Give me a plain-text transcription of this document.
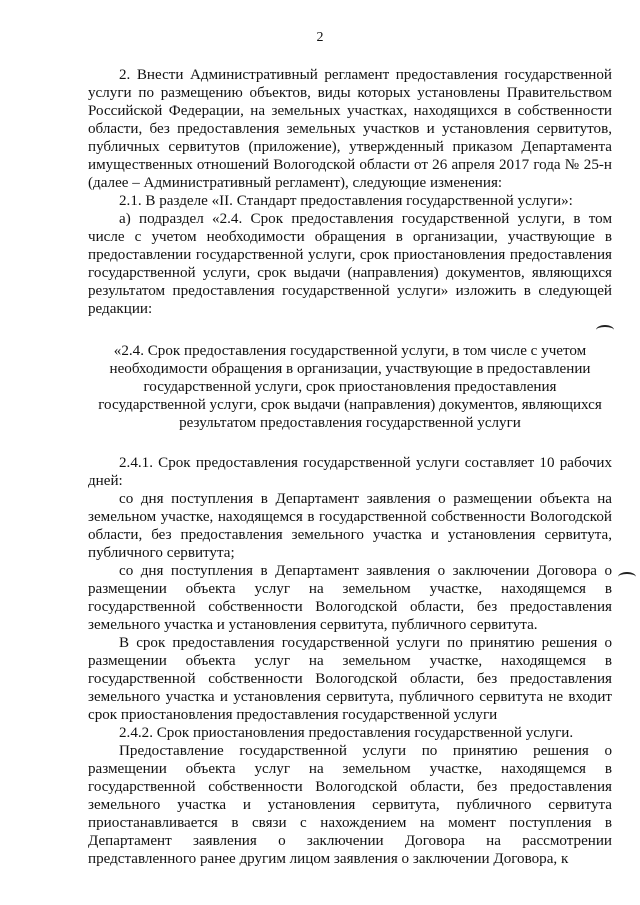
2

2. Внести Административный регламент предоставления государственной услуги по размещению объектов, виды которых установлены Правительством Российской Федерации, на земельных участках, находящихся в собственности области, без предоставления земельных участков и установления сервитутов, публичных сервитутов (приложение), утвержденный приказом Департамента имущественных отношений Вологодской области от 26 апреля 2017 года № 25-н (далее – Административный регламент), следующие изменения:

2.1. В разделе «II. Стандарт предоставления государственной услуги»:

а) подраздел «2.4. Срок предоставления государственной услуги, в том числе с учетом необходимости обращения в организации, участвующие в предоставлении государственной услуги, срок приостановления предоставления государственной услуги, срок выдачи (направления) документов, являющихся результатом предоставления государственной услуги» изложить в следующей редакции:

«2.4. Срок предоставления государственной услуги, в том числе с учетом необходимости обращения в организации, участвующие в предоставлении государственной услуги, срок приостановления предоставления государственной услуги, срок выдачи (направления) документов, являющихся результатом предоставления государственной услуги

2.4.1. Срок предоставления государственной услуги составляет 10 рабочих дней:

со дня поступления в Департамент заявления о размещении объекта на земельном участке, находящемся в государственной собственности Вологодской области, без предоставления земельного участка и установления сервитута, публичного сервитута;

со дня поступления в Департамент заявления о заключении Договора о размещении объекта услуг на земельном участке, находящемся в государственной собственности Вологодской области, без предоставления земельного участка и установления сервитута, публичного сервитута.

В срок предоставления государственной услуги по принятию решения о размещении объекта услуг на земельном участке, находящемся в государственной собственности Вологодской области, без предоставления земельного участка и установления сервитута, публичного сервитута не входит срок приостановления предоставления государственной услуги

2.4.2. Срок приостановления предоставления государственной услуги.

Предоставление государственной услуги по принятию решения о размещении объекта услуг на земельном участке, находящемся в государственной собственности Вологодской области, без предоставления земельного участка и установления сервитута, публичного сервитута приостанавливается в связи с нахождением на момент поступления в Департамент заявления о заключении Договора на рассмотрении представленного ранее другим лицом заявления о заключении Договора, к
